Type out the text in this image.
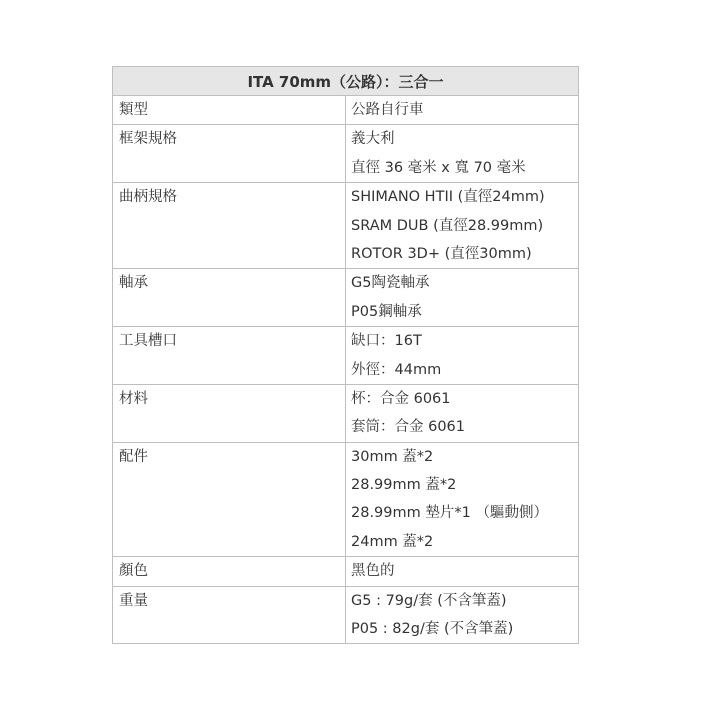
ITA 70mm（公路）：三合一	

類型	公路自行車

框架規格	義大利
直徑 36 毫米 x 寬 70 毫米

曲柄規格	SHIMANO HTII (直徑24mm)
SRAM DUB (直徑28.99mm)
ROTOR 3D+ (直徑30mm)

軸承	G5陶瓷軸承
P05鋼軸承

工具槽口	缺口：16T
外徑：44mm

材料	杯：合金 6061
套筒：合金 6061

配件	30mm 蓋*2
28.99mm 蓋*2
28.99mm 墊片*1 （驅動側）
24mm 蓋*2

顏色	黑色的

重量	G5 : 79g/套 (不含筆蓋)
P05 : 82g/套 (不含筆蓋)
